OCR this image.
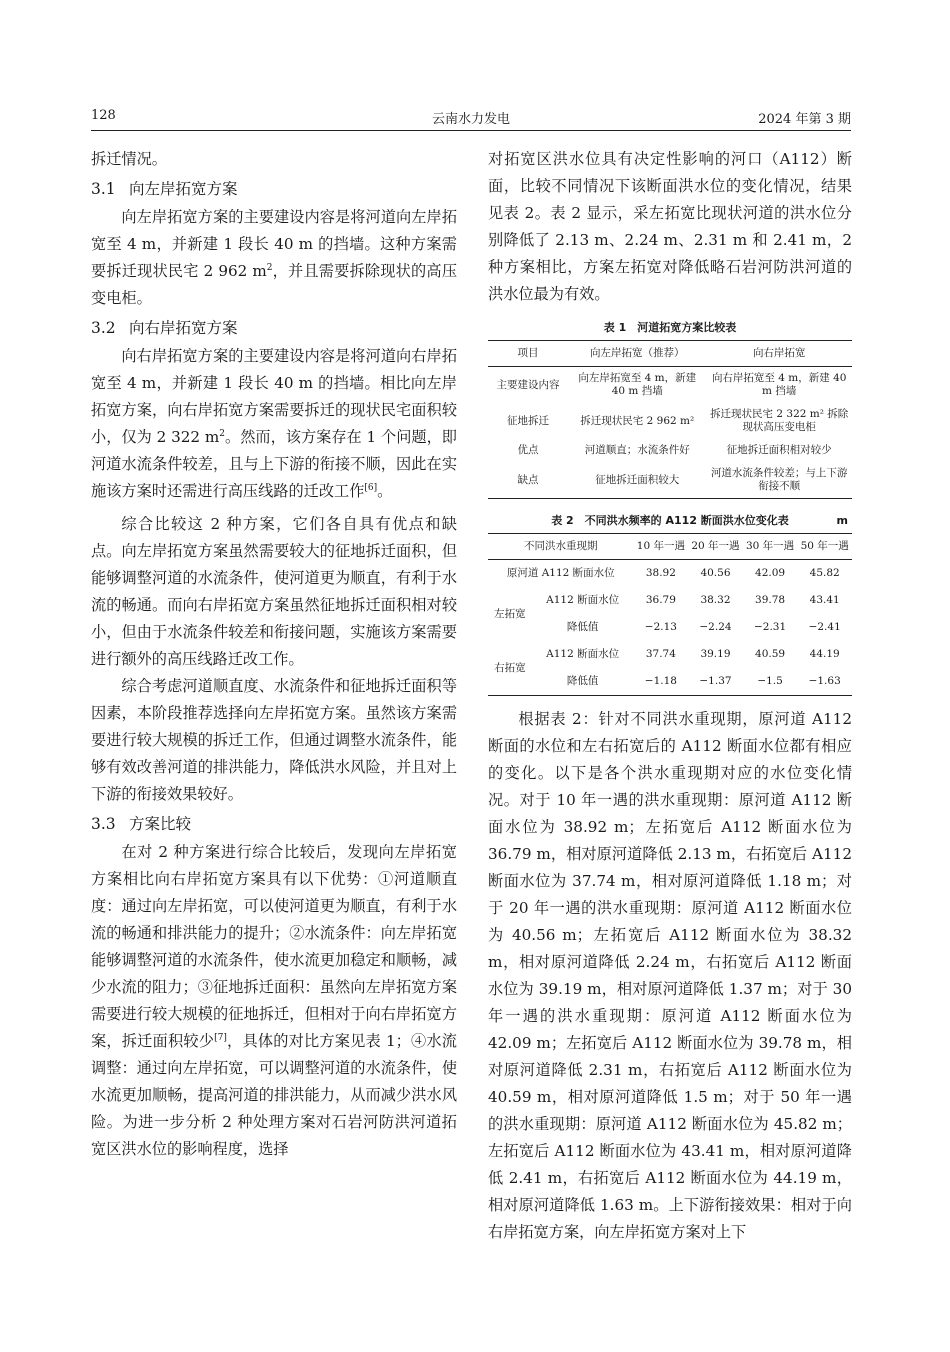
128	云南水力发电	2024 年第 3 期

拆迁情况。

3.1 向左岸拓宽方案

向左岸拓宽方案的主要建设内容是将河道向左岸拓宽至 4 m，并新建 1 段长 40 m 的挡墙。这种方案需要拆迁现状民宅 2 962 $m^2$，并且需要拆除现状的高压变电柜。

3.2 向右岸拓宽方案

向右岸拓宽方案的主要建设内容是将河道向右岸拓宽至 4 m，并新建 1 段长 40 m 的挡墙。相比向左岸拓宽方案，向右岸拓宽方案需要拆迁的现状民宅面积较小，仅为 2 322 $m^2$。然而，该方案存在 1 个问题，即河道水流条件较差，且与上下游的衔接不顺，因此在实施该方案时还需进行高压线路的迁改工作[6]。

综合比较这 2 种方案，它们各自具有优点和缺点。向左岸拓宽方案虽然需要较大的征地拆迁面积，但能够调整河道的水流条件，使河道更为顺直，有利于水流的畅通。而向右岸拓宽方案虽然征地拆迁面积相对较小，但由于水流条件较差和衔接问题，实施该方案需要进行额外的高压线路迁改工作。

综合考虑河道顺直度、水流条件和征地拆迁面积等因素，本阶段推荐选择向左岸拓宽方案。虽然该方案需要进行较大规模的拆迁工作，但通过调整水流条件，能够有效改善河道的排洪能力，降低洪水风险，并且对上下游的衔接效果较好。

3.3 方案比较

在对 2 种方案进行综合比较后，发现向左岸拓宽方案相比向右岸拓宽方案具有以下优势：①河道顺直度：通过向左岸拓宽，可以使河道更为顺直，有利于水流的畅通和排洪能力的提升；②水流条件：向左岸拓宽能够调整河道的水流条件，使水流更加稳定和顺畅，减少水流的阻力；③征地拆迁面积：虽然向左岸拓宽方案需要进行较大规模的征地拆迁，但相对于向右岸拓宽方案，拆迁面积较少[7]，具体的对比方案见表 1；④水流调整：通过向左岸拓宽，可以调整河道的水流条件，使水流更加顺畅，提高河道的排洪能力，从而减少洪水风险。为进一步分析 2 种处理方案对石岩河防洪河道拓宽区洪水位的影响程度，选择

对拓宽区洪水位具有决定性影响的河口（A112）断面，比较不同情况下该断面洪水位的变化情况，结果见表 2。表 2 显示，采左拓宽比现状河道的洪水位分别降低了 2.13 m、2.24 m、2.31 m 和 2.41 m，2 种方案相比，方案左拓宽对降低略石岩河防洪河道的洪水位最为有效。

表 1　河道拓宽方案比较表
项目	向左岸拓宽（推荐）	向右岸拓宽
主要建设内容	向左岸拓宽至 4 m，新建 40 m 挡墙	向右岸拓宽至 4 m，新建 40 m 挡墙
征地拆迁	拆迁现状民宅 2 962 m²	拆迁现状民宅 2 322 m² 拆除现状高压变电柜
优点	河道顺直；水流条件好	征地拆迁面积相对较少
缺点	征地拆迁面积较大	河道水流条件较差；与上下游衔接不顺
表 2　不同洪水频率的 A112 断面洪水位变化表	m
不同洪水重现期		10 年一遇	20 年一遇	30 年一遇	50 年一遇
原河道 A112 断面水位		38.92	40.56	42.09	45.82
左拓宽	A112 断面水位	36.79	38.32	39.78	43.41
	降低值	−2.13	−2.24	−2.31	−2.41
右拓宽	A112 断面水位	37.74	39.19	40.59	44.19
	降低值	−1.18	−1.37	−1.5	−1.63

根据表 2：针对不同洪水重现期，原河道 A112 断面的水位和左右拓宽后的 A112 断面水位都有相应的变化。以下是各个洪水重现期对应的水位变化情况。对于 10 年一遇的洪水重现期：原河道 A112 断面水位为 38.92 m；左拓宽后 A112 断面水位为 36.79 m，相对原河道降低 2.13 m，右拓宽后 A112 断面水位为 37.74 m，相对原河道降低 1.18 m；对于 20 年一遇的洪水重现期：原河道 A112 断面水位为 40.56 m；左拓宽后 A112 断面水位为 38.32 m，相对原河道降低 2.24 m，右拓宽后 A112 断面水位为 39.19 m，相对原河道降低 1.37 m；对于 30 年一遇的洪水重现期：原河道 A112 断面水位为 42.09 m；左拓宽后 A112 断面水位为 39.78 m，相对原河道降低 2.31 m，右拓宽后 A112 断面水位为 40.59 m，相对原河道降低 1.5 m；对于 50 年一遇的洪水重现期：原河道 A112 断面水位为 45.82 m；左拓宽后 A112 断面水位为 43.41 m，相对原河道降低 2.41 m，右拓宽后 A112 断面水位为 44.19 m，相对原河道降低 1.63 m。上下游衔接效果：相对于向右岸拓宽方案，向左岸拓宽方案对上下
